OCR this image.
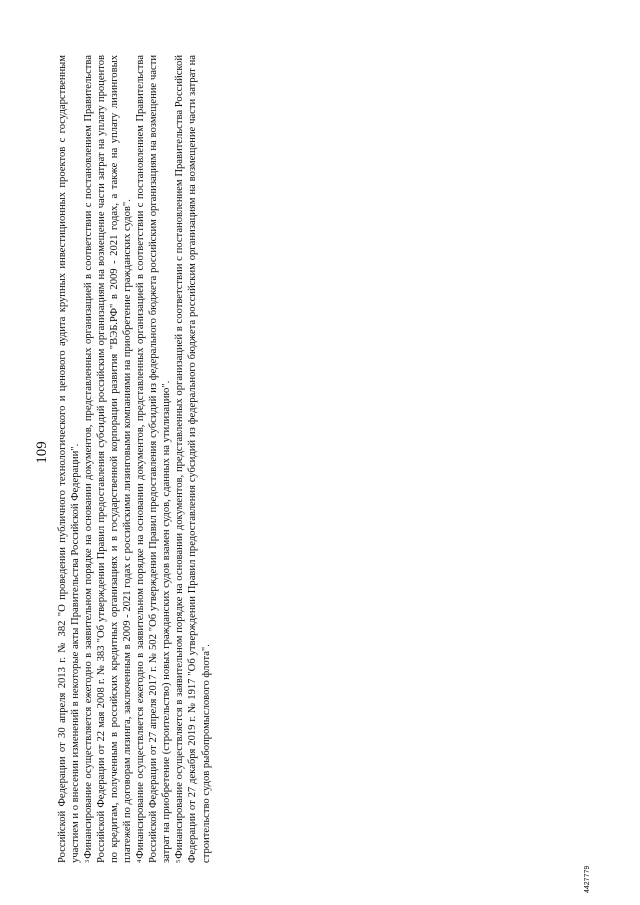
109 Российской Федерации от 30 апреля 2013 г. № 382 "О проведении публичного технологического и ценового аудита крупных инвестиционных проектов с государственным участием и о внесении изменений в некоторые акты Правительства Российской Федерации". $^3$Финансирование осуществляется ежегодно в заявительном порядке на основании документов, представленных организацией в соответствии с постановлением Правительства Российской Федерации от 22 мая 2008 г. № 383 "Об утверждении Правил предоставления субсидий российским организациям на возмещение части затрат на уплату процентов по кредитам, полученным в российских кредитных организациях и в государственной корпорации развития "ВЭБ.РФ" в 2009 - 2021 годах, а также на уплату лизинговых платежей по договорам лизинга, заключенным в 2009 - 2021 годах с российскими лизинговыми компаниями на приобретение гражданских судов". $^4$Финансирование осуществляется ежегодно в заявительном порядке на основании документов, представленных организацией в соответствии с постановлением Правительства Российской Федерации от 27 апреля 2017 г. № 502 "Об утверждении Правил предоставления субсидий из федерального бюджета российским организациям на возмещение части затрат на приобретение (строительство) новых гражданских судов взамен судов, сданных на утилизацию". $^5$Финансирование осуществляется в заявительном порядке на основании документов, представленных организацией в соответствии с постановлением Правительства Российской Федерации от 27 декабря 2019 г. № 1917 "Об утверждении Правил предоставления субсидий из федерального бюджета российским организациям на возмещение части затрат на строительство судов рыбопромыслового флота".

4427779
